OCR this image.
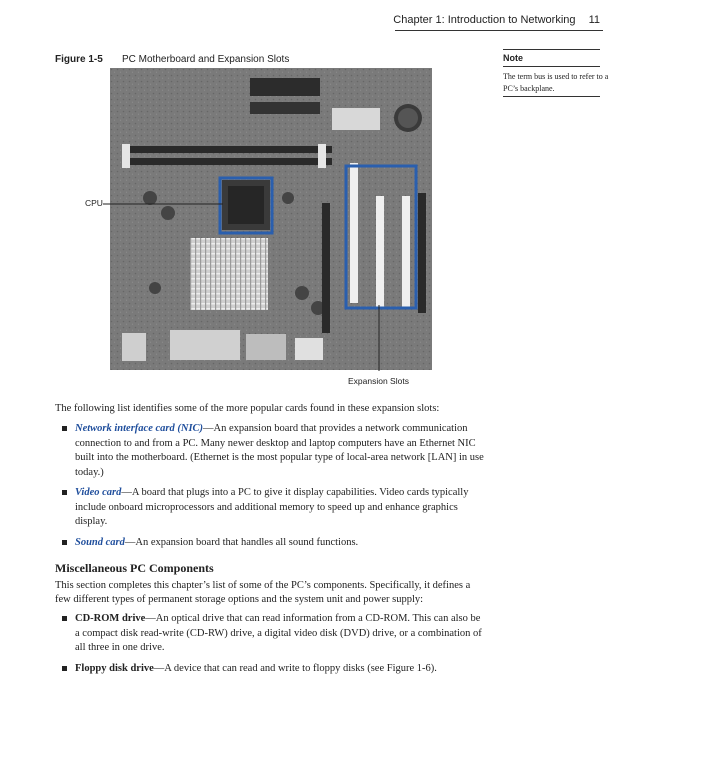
Chapter 1: Introduction to Networking 11
Figure 1-5 PC Motherboard and Expansion Slots	Note
The term bus is used to refer to a PC’s backplane.
CPU
Expansion Slots
The following list identifies some of the more popular cards found in these expansion slots:
Network interface card (NIC)—An expansion board that provides a network communication connection to and from a PC. Many newer desktop and laptop computers have an Ethernet NIC built into the motherboard. (Ethernet is the most popular type of local-area network [LAN] in use today.)
Video card—A board that plugs into a PC to give it display capabilities. Video cards typically include onboard microprocessors and additional memory to speed up and enhance graphics display.
Sound card—An expansion board that handles all sound functions.
Miscellaneous PC Components
This section completes this chapter’s list of some of the PC’s components. Specifically, it defines a few different types of permanent storage options and the system unit and power supply:
CD-ROM drive—An optical drive that can read information from a CD-ROM. This can also be a compact disk read-write (CD-RW) drive, a digital video disk (DVD) drive, or a combination of all three in one drive.
Floppy disk drive—A device that can read and write to floppy disks (see Figure 1-6).
